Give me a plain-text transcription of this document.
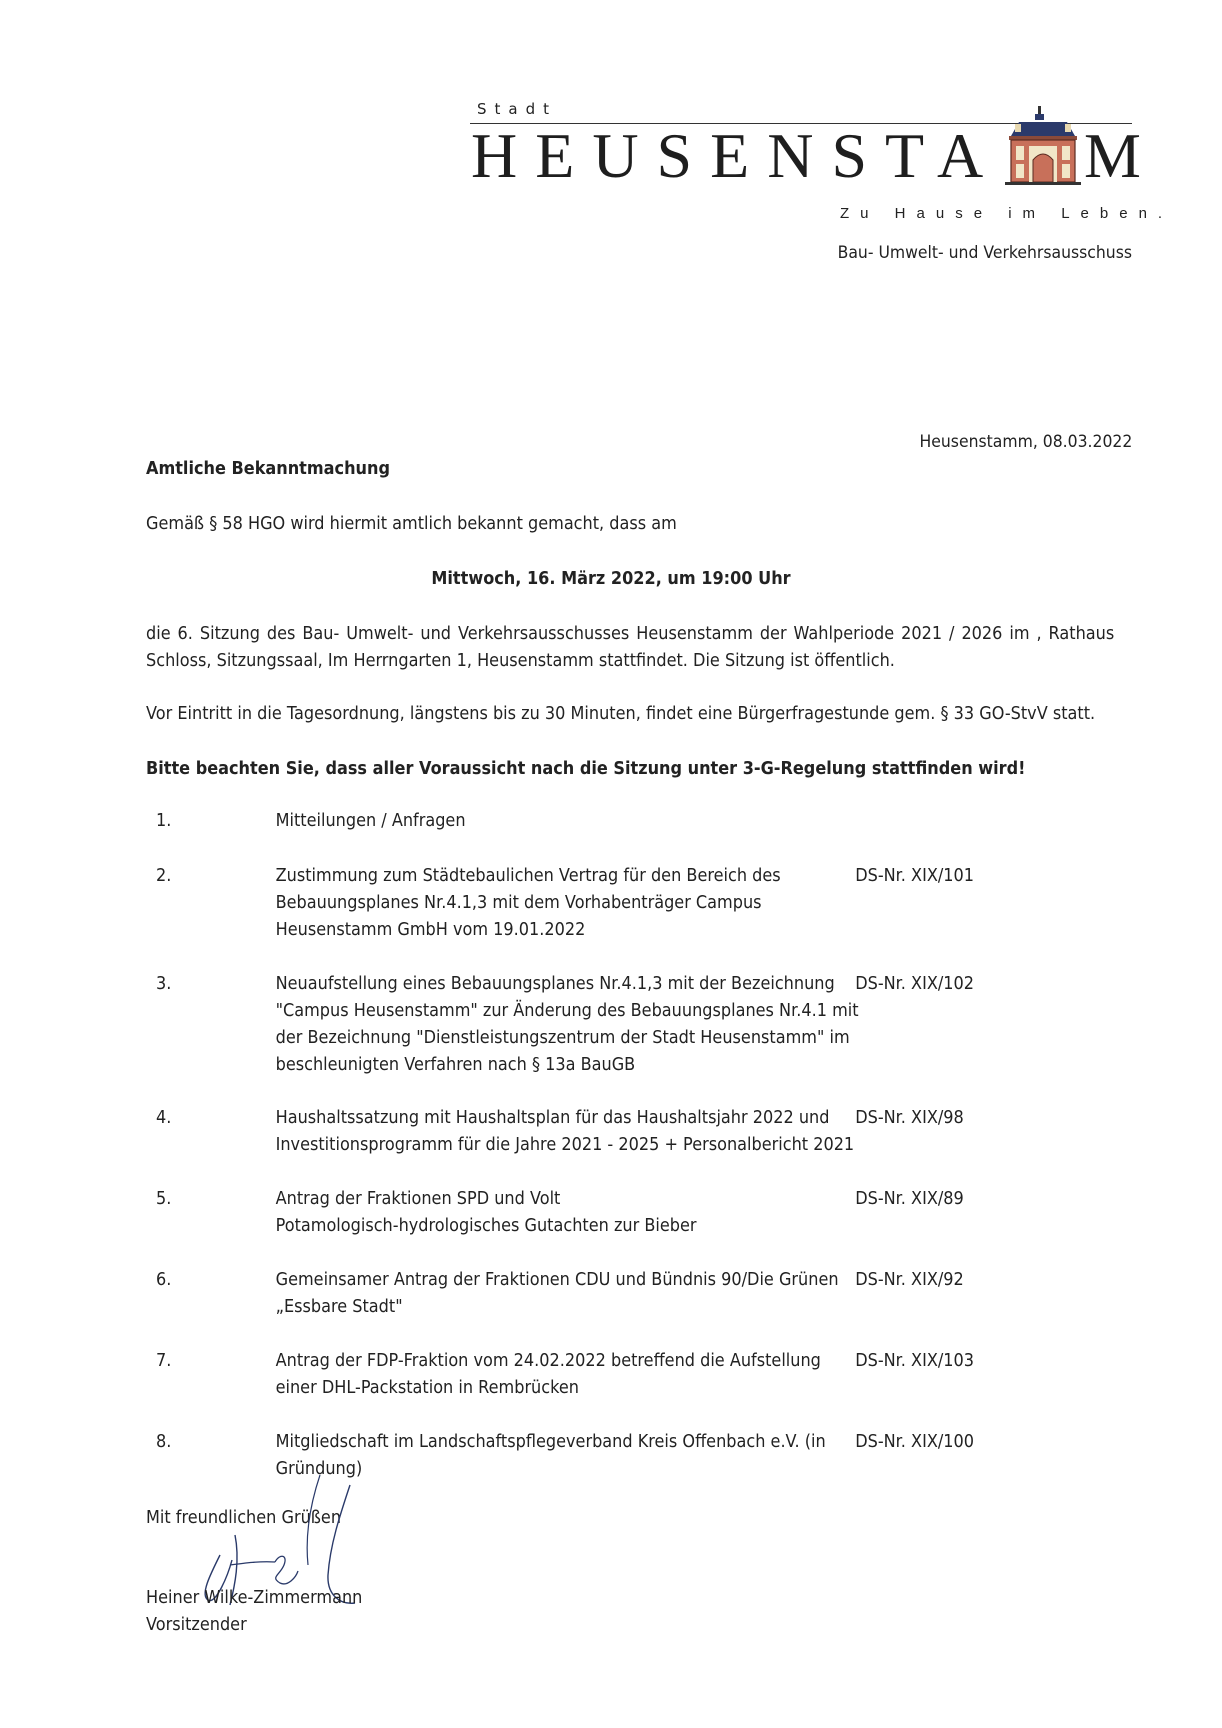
Stadt
HEUSENSTA M
Zu Hause im Leben.
Bau- Umwelt- und Verkehrsausschuss
Heusenstamm, 08.03.2022
Amtliche Bekanntmachung
Gemäß § 58 HGO wird hiermit amtlich bekannt gemacht, dass am
Mittwoch, 16. März 2022, um 19:00 Uhr
die 6. Sitzung des Bau- Umwelt- und Verkehrsausschusses Heusenstamm der Wahlperiode 2021 / 2026 im , Rathaus
Schloss, Sitzungssaal, Im Herrngarten 1, Heusenstamm stattfindet. Die Sitzung ist öffentlich.
Vor Eintritt in die Tagesordnung, längstens bis zu 30 Minuten, findet eine Bürgerfragestunde gem. § 33 GO-StvV statt.
Bitte beachten Sie, dass aller Voraussicht nach die Sitzung unter 3-G-Regelung stattfinden wird!
1.	Mitteilungen / Anfragen
2.	Zustimmung zum Städtebaulichen Vertrag für den Bereich des
Bebauungsplanes Nr.4.1,3 mit dem Vorhabenträger Campus
Heusenstamm GmbH vom 19.01.2022
DS-Nr. XIX/101
3.	Neuaufstellung eines Bebauungsplanes Nr.4.1,3 mit der Bezeichnung
"Campus Heusenstamm" zur Änderung des Bebauungsplanes Nr.4.1 mit
der Bezeichnung "Dienstleistungszentrum der Stadt Heusenstamm" im
beschleunigten Verfahren nach § 13a BauGB
DS-Nr. XIX/102
4.	Haushaltssatzung mit Haushaltsplan für das Haushaltsjahr 2022 und
Investitionsprogramm für die Jahre 2021 - 2025 + Personalbericht 2021
DS-Nr. XIX/98
5.	Antrag der Fraktionen SPD und Volt
Potamologisch-hydrologisches Gutachten zur Bieber
DS-Nr. XIX/89
6.	Gemeinsamer Antrag der Fraktionen CDU und Bündnis 90/Die Grünen
„Essbare Stadt"
DS-Nr. XIX/92
7.	Antrag der FDP-Fraktion vom 24.02.2022 betreffend die Aufstellung
einer DHL-Packstation in Rembrücken
DS-Nr. XIX/103
8.	Mitgliedschaft im Landschaftspflegeverband Kreis Offenbach e.V. (in
Gründung)
DS-Nr. XIX/100
Mit freundlichen Grüßen
Heiner Wilke-Zimmermann
Vorsitzender
